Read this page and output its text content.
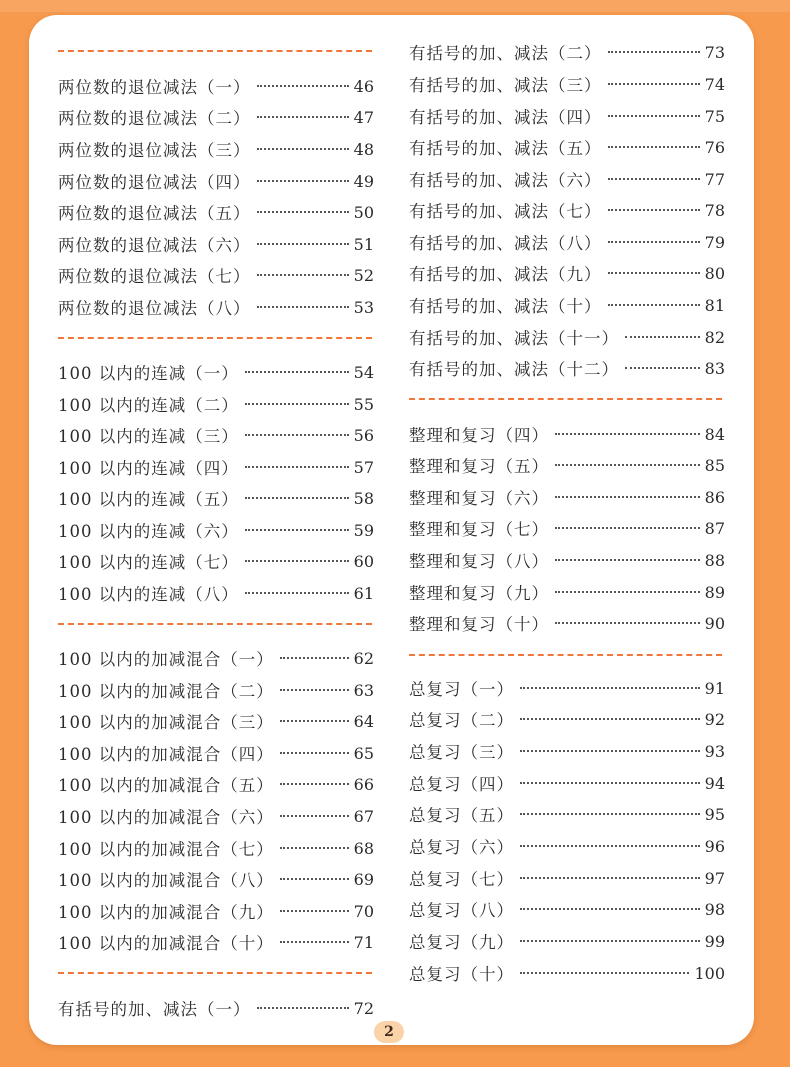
两位数的退位减法（一）	46
两位数的退位减法（二）	47
两位数的退位减法（三）	48
两位数的退位减法（四）	49
两位数的退位减法（五）	50
两位数的退位减法（六）	51
两位数的退位减法（七）	52
两位数的退位减法（八）	53
100 以内的连减（一）	54
100 以内的连减（二）	55
100 以内的连减（三）	56
100 以内的连减（四）	57
100 以内的连减（五）	58
100 以内的连减（六）	59
100 以内的连减（七）	60
100 以内的连减（八）	61
100 以内的加减混合（一）	62
100 以内的加减混合（二）	63
100 以内的加减混合（三）	64
100 以内的加减混合（四）	65
100 以内的加减混合（五）	66
100 以内的加减混合（六）	67
100 以内的加减混合（七）	68
100 以内的加减混合（八）	69
100 以内的加减混合（九）	70
100 以内的加减混合（十）	71
有括号的加、减法（一）	72
有括号的加、减法（二）	73
有括号的加、减法（三）	74
有括号的加、减法（四）	75
有括号的加、减法（五）	76
有括号的加、减法（六）	77
有括号的加、减法（七）	78
有括号的加、减法（八）	79
有括号的加、减法（九）	80
有括号的加、减法（十）	81
有括号的加、减法（十一）	82
有括号的加、减法（十二）	83
整理和复习（四）	84
整理和复习（五）	85
整理和复习（六）	86
整理和复习（七）	87
整理和复习（八）	88
整理和复习（九）	89
整理和复习（十）	90
总复习（一）	91
总复习（二）	92
总复习（三）	93
总复习（四）	94
总复习（五）	95
总复习（六）	96
总复习（七）	97
总复习（八）	98
总复习（九）	99
总复习（十）	100
2
